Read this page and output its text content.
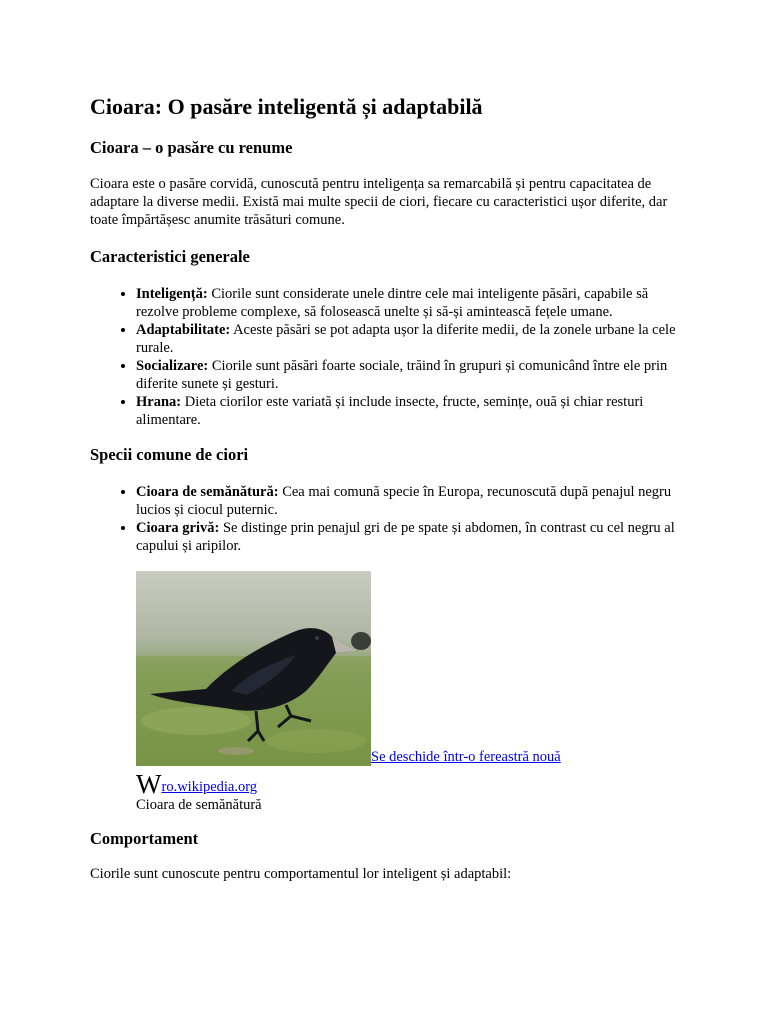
Cioara: O pasăre inteligentă și adaptabilă
Cioara – o pasăre cu renume

Cioara este o pasăre corvidă, cunoscută pentru inteligența sa remarcabilă și pentru capacitatea de adaptare la diverse medii. Există mai multe specii de ciori, fiecare cu caracteristici ușor diferite, dar toate împărtășesc anumite trăsături comune.

Caracteristici generale
• Inteligență: Ciorile sunt considerate unele dintre cele mai inteligente păsări, capabile să rezolve probleme complexe, să folosească unelte și să-și amintească fețele umane.
• Adaptabilitate: Aceste păsări se pot adapta ușor la diferite medii, de la zonele urbane la cele rurale.
• Socializare: Ciorile sunt păsări foarte sociale, trăind în grupuri și comunicând între ele prin diferite sunete și gesturi.
• Hrana: Dieta ciorilor este variată și include insecte, fructe, semințe, ouă și chiar resturi alimentare.
Specii comune de ciori
• Cioara de semănătură: Cea mai comună specie în Europa, recunoscută după penajul negru lucios și ciocul puternic.
• Cioara grivă: Se distinge prin penajul gri de pe spate și abdomen, în contrast cu cel negru al capului și aripilor.
Se deschide într-o fereastră nouă
W ro.wikipedia.org
Cioara de semănătură
Comportament

Ciorile sunt cunoscute pentru comportamentul lor inteligent și adaptabil:
